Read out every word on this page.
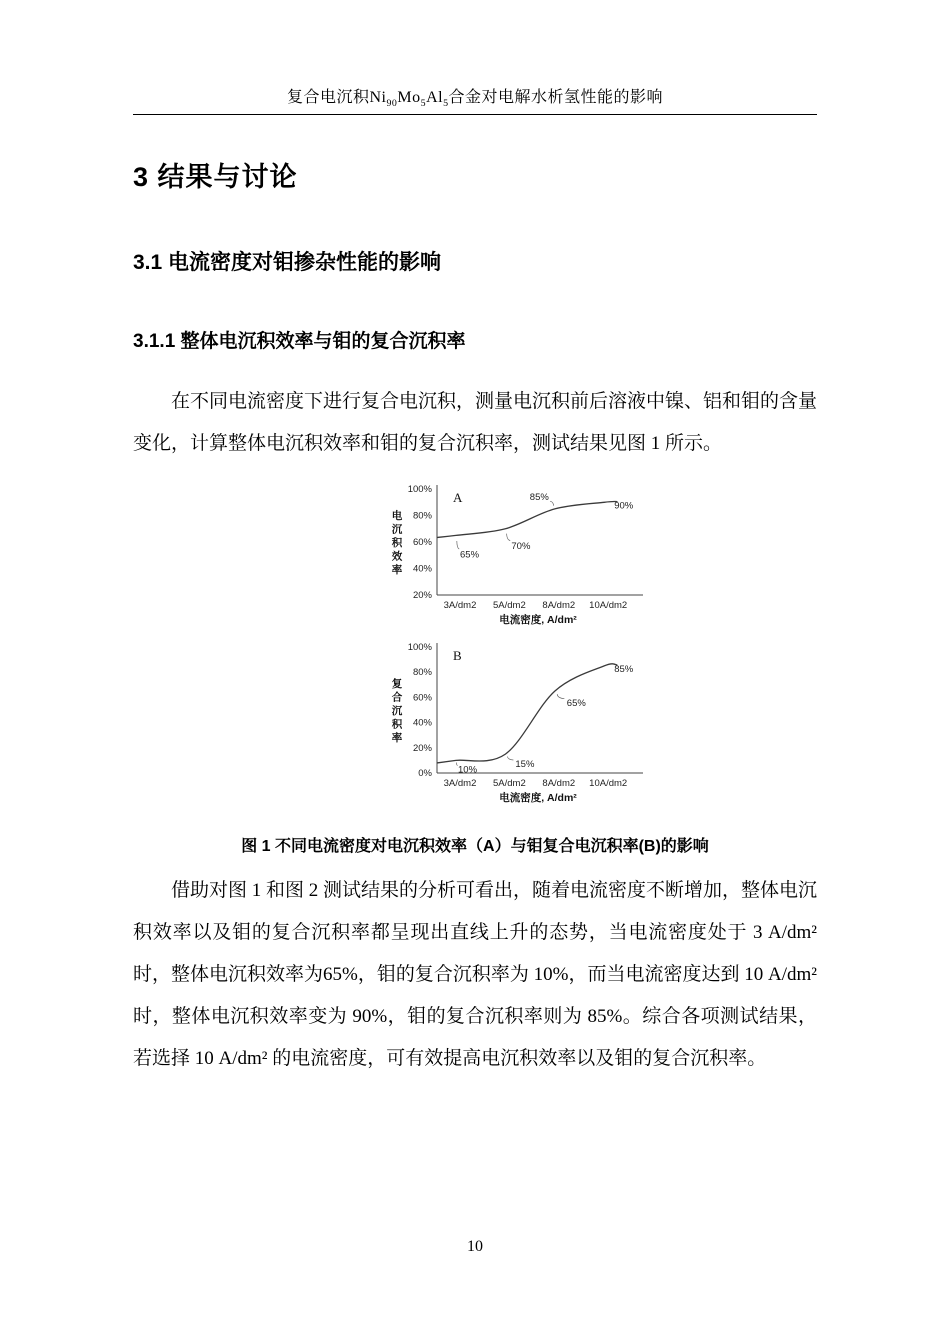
复合电沉积$Ni_{90}Mo_5Al_5$合金对电解水析氢性能的影响
3 结果与讨论
3.1 电流密度对钼掺杂性能的影响
3.1.1 整体电沉积效率与钼的复合沉积率

在不同电流密度下进行复合电沉积，测量电沉积前后溶液中镍、铝和钼的含量变化，计算整体电沉积效率和钼的复合沉积率，测试结果见图 1 所示。

100%
80%
60%
40%
20%
3A/dm2 5A/dm2 8A/dm2 10A/dm2
电流密度, A/dm²
电
沉
积
效
率
A
65%
70%
85%
90%
100%
80%
60%
40%
20%
0%
3A/dm2 5A/dm2 8A/dm2 10A/dm2
电流密度, A/dm²
复
合
沉
积
率
B
10%	15%
65%
85%
图 1 不同电流密度对电沉积效率（A）与钼复合电沉积率(B)的影响

借助对图 1 和图 2 测试结果的分析可看出，随着电流密度不断增加，整体电沉积效率以及钼的复合沉积率都呈现出直线上升的态势，当电流密度处于 3 A/dm² 时，整体电沉积效率为65%，钼的复合沉积率为 10%，而当电流密度达到 10 A/dm² 时，整体电沉积效率变为 90%，钼的复合沉积率则为 85%。综合各项测试结果，若选择 10 A/dm² 的电流密度，可有效提高电沉积效率以及钼的复合沉积率。

10
